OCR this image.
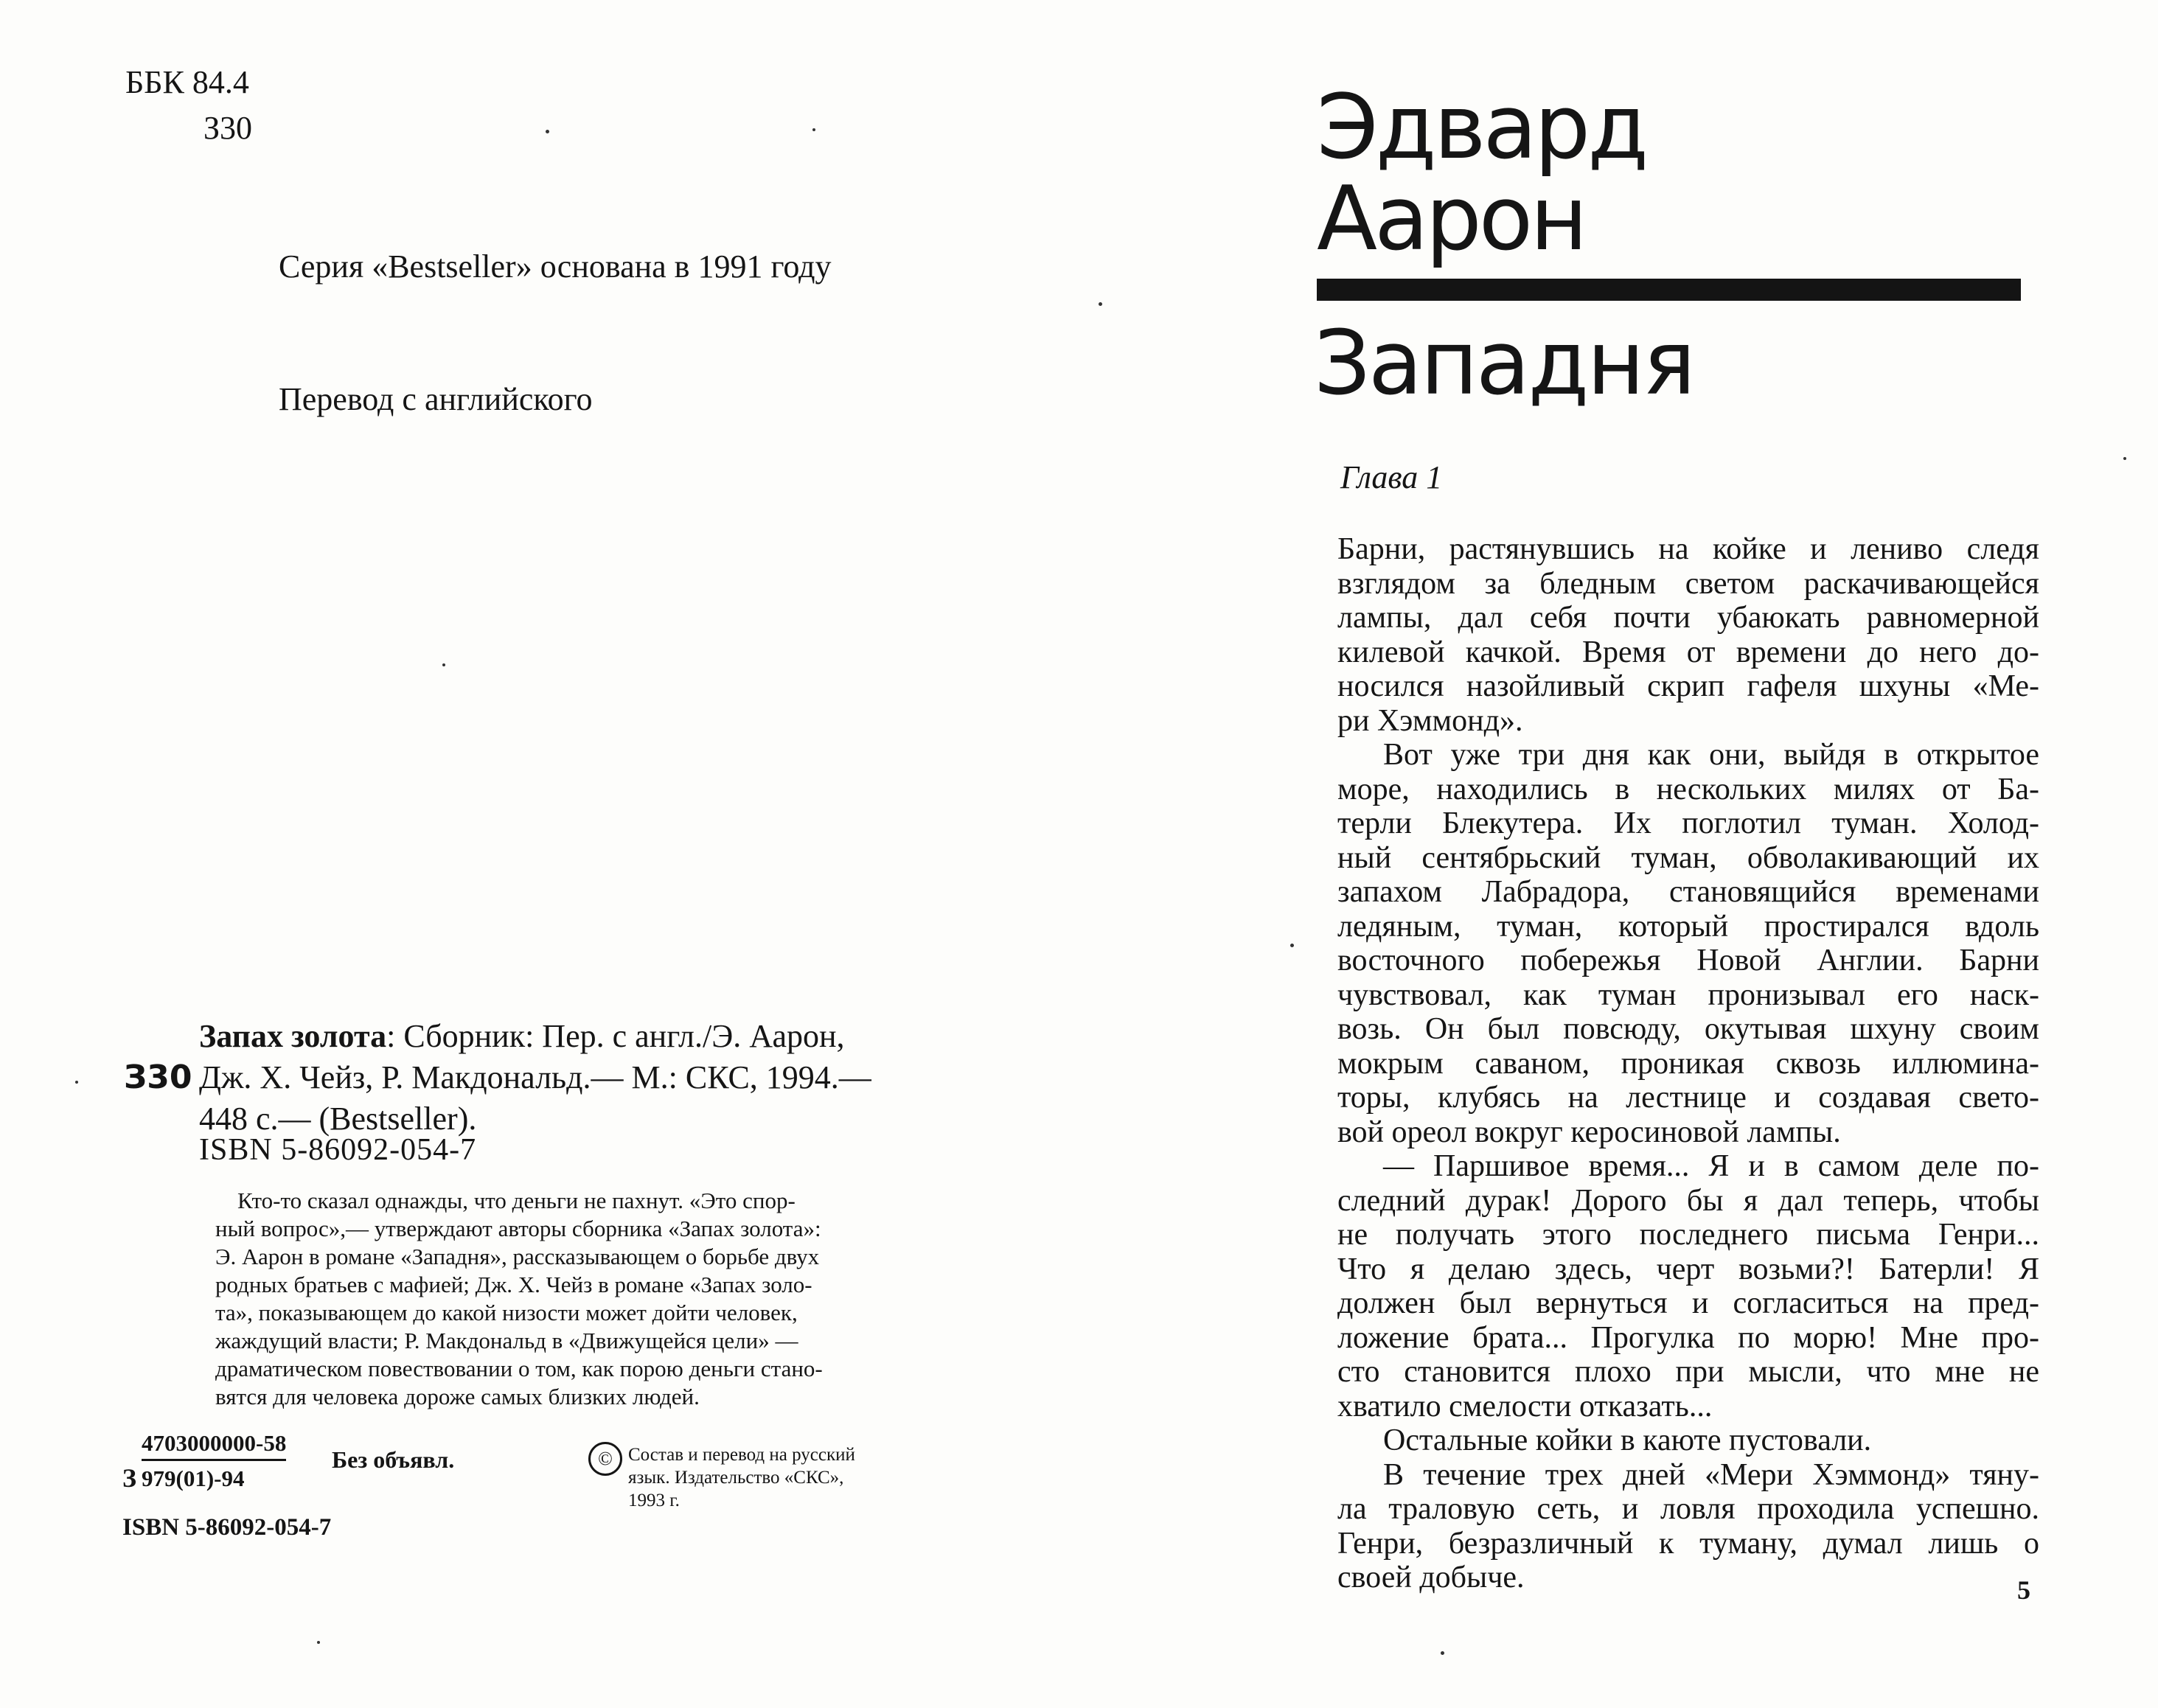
ББК 84.4
З30
Серия «Bestseller» основана в 1991 году
Перевод с английского
З30
Запах золота: Сборник: Пер. с англ./Э. Аарон,
Дж. Х. Чейз, Р. Макдональд.— М.: СКС, 1994.—
448 с.— (Bestseller).
ISBN 5-86092-054-7
Кто-то сказал однажды, что деньги не пахнут. «Это спор-
ный вопрос»,— утверждают авторы сборника «Запах золота»:
Э. Аарон в романе «Западня», рассказывающем о борьбе двух
родных братьев с мафией; Дж. Х. Чейз в романе «Запах золо-
та», показывающем до какой низости может дойти человек,
жаждущий власти; Р. Макдональд в «Движущейся цели» —
драматическом повествовании о том, как порою деньги стано-
вятся для человека дороже самых близких людей.
З
4703000000-58
979(01)-94
Без объявл.	© Состав и перевод на русский
язык. Издательство «СКС»,
1993 г.
ISBN 5-86092-054-7
Эдвард
Аарон
Западня
Глава 1
Барни, растянувшись на койке и лениво следя
взглядом за бледным светом раскачивающейся
лампы, дал себя почти убаюкать равномерной
килевой качкой. Время от времени до него до-
носился назойливый скрип гафеля шхуны «Ме-
ри Хэммонд».
Вот уже три дня как они, выйдя в открытое
море, находились в нескольких милях от Ба-
терли Блекутера. Их поглотил туман. Холод-
ный сентябрьский туман, обволакивающий их
запахом Лабрадора, становящийся временами
ледяным, туман, который простирался вдоль
восточного побережья Новой Англии. Барни
чувствовал, как туман пронизывал его наск-
возь. Он был повсюду, окутывая шхуну своим
мокрым саваном, проникая сквозь иллюмина-
торы, клубясь на лестнице и создавая свето-
вой ореол вокруг керосиновой лампы.
— Паршивое время... Я и в самом деле по-
следний дурак! Дорого бы я дал теперь, чтобы
не получать этого последнего письма Генри...
Что я делаю здесь, черт возьми?! Батерли! Я
должен был вернуться и согласиться на пред-
ложение брата... Прогулка по морю! Мне про-
сто становится плохо при мысли, что мне не
хватило смелости отказать...
Остальные койки в каюте пустовали.
В течение трех дней «Мери Хэммонд» тяну-
ла траловую сеть, и ловля проходила успешно.
Генри, безразличный к туману, думал лишь о
своей добыче.	5
